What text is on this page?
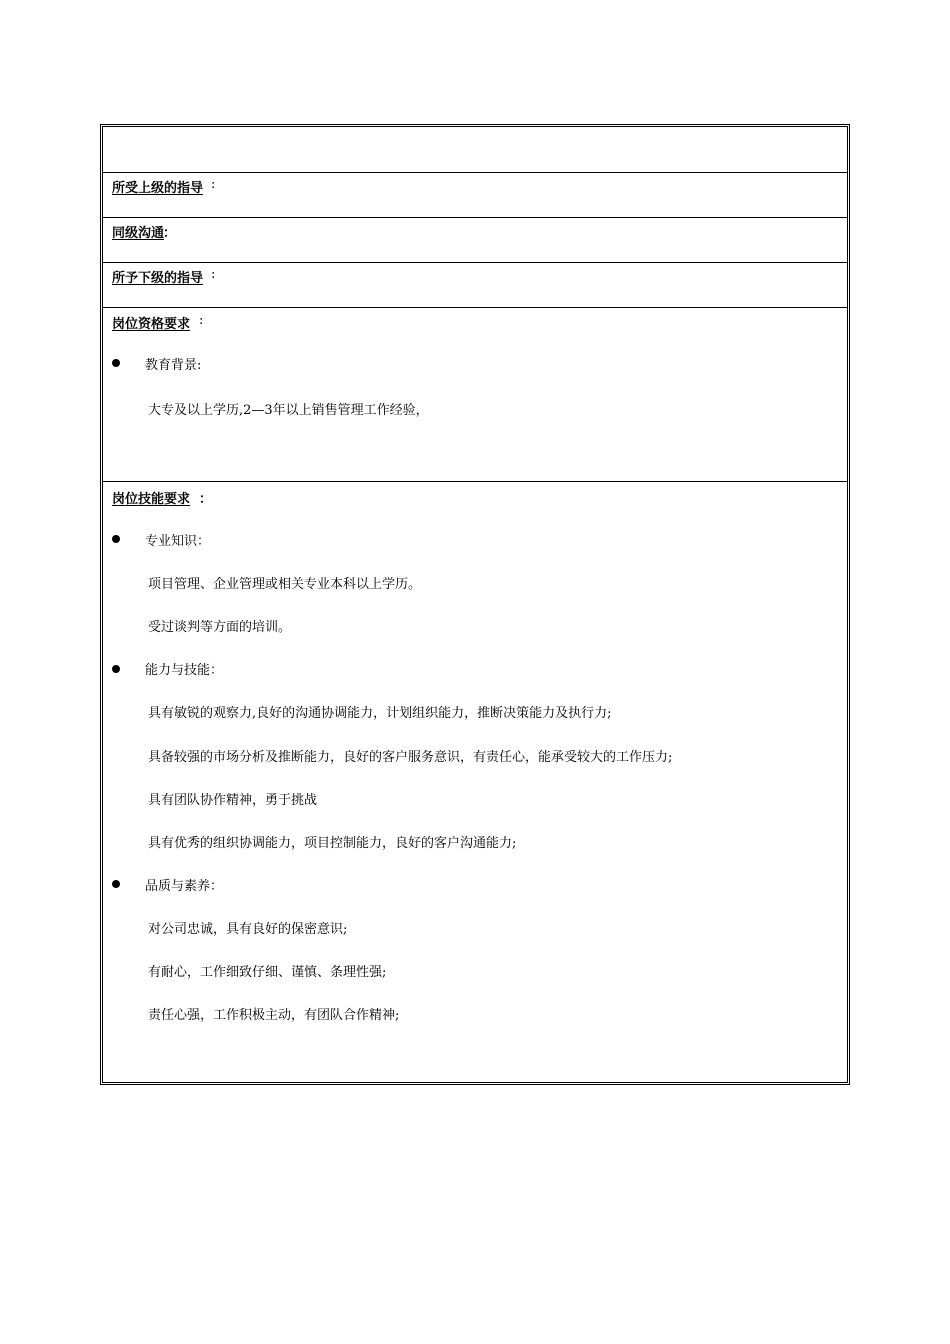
所受上级的指导 :
同级沟通
：
所予下级的指导 :
岗位资格要求 :
教育背景:
大专及以上学历,2—3年以上销售管理工作经验，
岗位技能要求 ：
专业知识：
项目管理、企业管理或相关专业本科以上学历。
受过谈判等方面的培训。
能力与技能：
具有敏锐的观察力,良好的沟通协调能力，计划组织能力，推断决策能力及执行力;
具备较强的市场分析及推断能力，良好的客户服务意识，有责任心，能承受较大的工作压力;
具有团队协作精神，勇于挑战
具有优秀的组织协调能力，项目控制能力，良好的客户沟通能力;
品质与素养：
对公司忠诚，具有良好的保密意识;
有耐心，工作细致仔细、谨慎、条理性强;
责任心强，工作积极主动，有团队合作精神;
